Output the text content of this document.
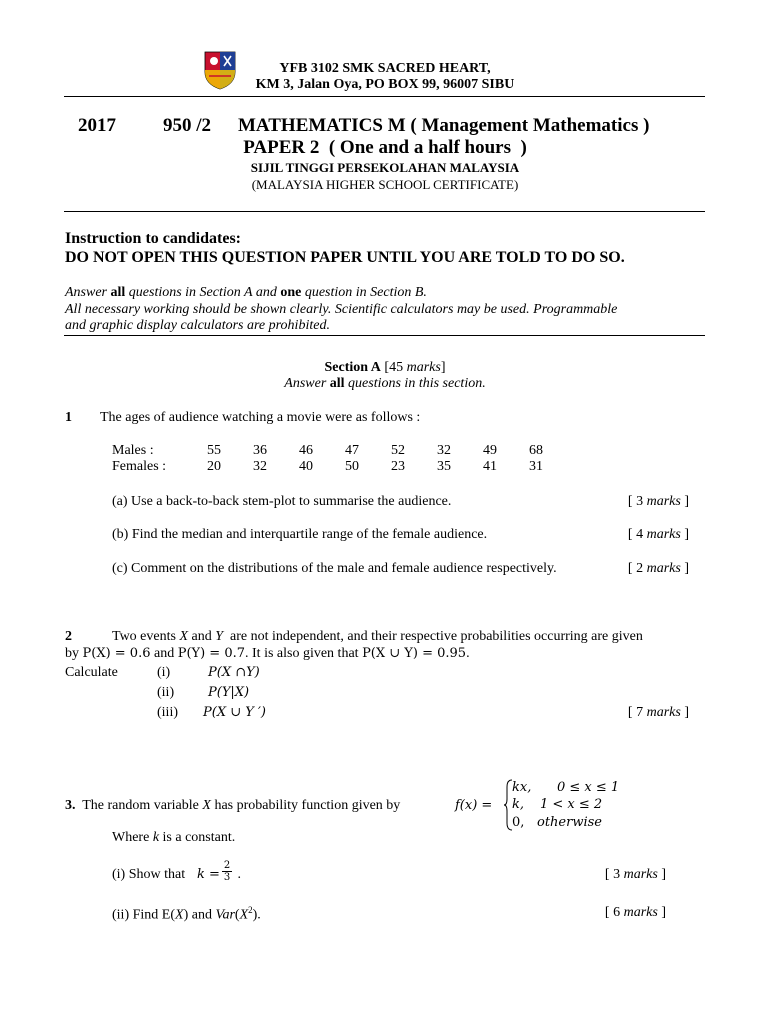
YFB 3102 SMK SACRED HEART,
KM 3, Jalan Oya, PO BOX 99, 96007 SIBU
2017 950 /2 MATHEMATICS M ( Management Mathematics )
PAPER 2  ( One and a half hours  )
SIJIL TINGGI PERSEKOLAHAN MALAYSIA
(MALAYSIA HIGHER SCHOOL CERTIFICATE)
Instruction to candidates:
DO NOT OPEN THIS QUESTION PAPER UNTIL YOU ARE TOLD TO DO SO.
Answer all questions in Section A and one question in Section B.
All necessary working should be shown clearly. Scientific calculators may be used. Programmable
and graphic display calculators are prohibited.
Section A [45 marks]
Answer all questions in this section.
1 The ages of audience watching a movie were as follows :
Males :	55	36	46	47	52	32	49	68
Females :	20	32	40	50	23	35	41	31
(a) Use a back-to-back stem-plot to summarise the audience.	[ 3 marks ]
(b) Find the median and interquartile range of the female audience.	[ 4 marks ]
(c) Comment on the distributions of the male and female audience respectively.	[ 2 marks ]
2	Two events X and Y  are not independent, and their respective probabilities occurring are given
by P(X) = 0.6 and P(Y) = 0.7. It is also given that P(X ∪ Y) = 0.95.
Calculate	(i)	P(X ∩Y)
(ii)	P(Y|X)
(iii) P(X ∪ Y ′)	[ 7 marks ]
3.  The random variable X has probability function given by	f(x) =
kx, 0 ≤ x ≤ 1
k, 1 < x ≤ 2
0, otherwise
Where k is a constant.
(i) Show that $k = \frac{2}{3}$ .	[ 3 marks ]
(ii) Find E(X) and $Var(X^2)$.	[ 6 marks ]
